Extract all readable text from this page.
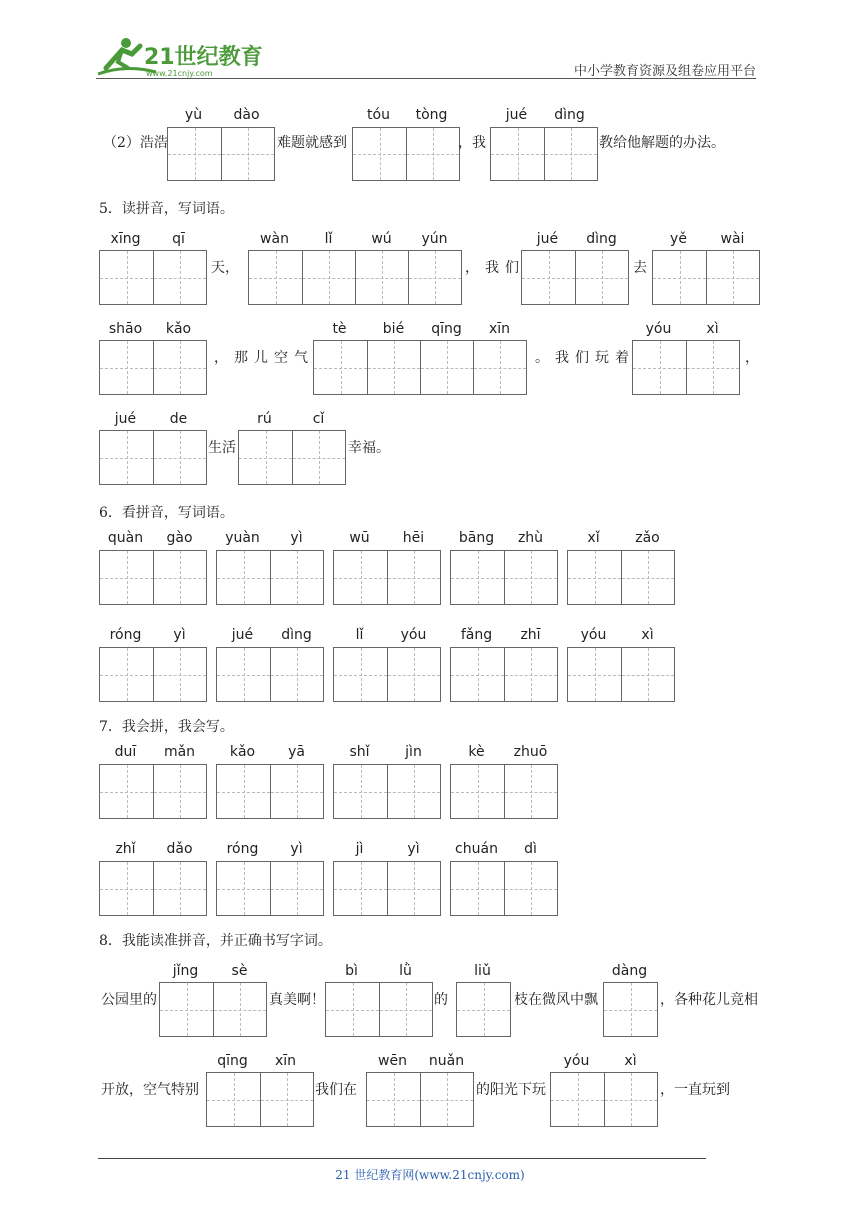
21世纪教育
www.21cnjy.com	中小学教育资源及组卷应用平台
（2）浩浩
yù	dào
难题就感到
tóu	tòng
，我
jué	dìng
教给他解题的办法。
5．读拼音，写词语。
xīng	qī
天，
wàn	lǐ	wú	yún
，我们
jué	dìng
去
yě	wài
shāo	kǎo
，那儿空气
tè	bié	qīng	xīn
。我们玩着
yóu	xì
，
jué	de
生活
rú	cǐ
幸福。
6．看拼音，写词语。
quàn	gào	yuàn	yì	wū	hēi	bāng	zhù	xǐ	zǎo
róng	yì	jué	dìng	lǐ	yóu	fǎng	zhī	yóu	xì
7．我会拼，我会写。
duī	mǎn	kǎo	yā	shǐ	jìn	kè	zhuō
zhǐ	dǎo	róng	yì	jì	yì	chuán	dì
8．我能读准拼音，并正确书写字词。
公园里的
jǐng	sè
真美啊！
bì	lǜ
的
liǔ
枝在微风中飘
dàng
，各种花儿竞相
开放，空气特别
qīng	xīn
我们在
wēn	nuǎn
的阳光下玩
yóu	xì
，一直玩到
21 世纪教育网(www.21cnjy.com)
